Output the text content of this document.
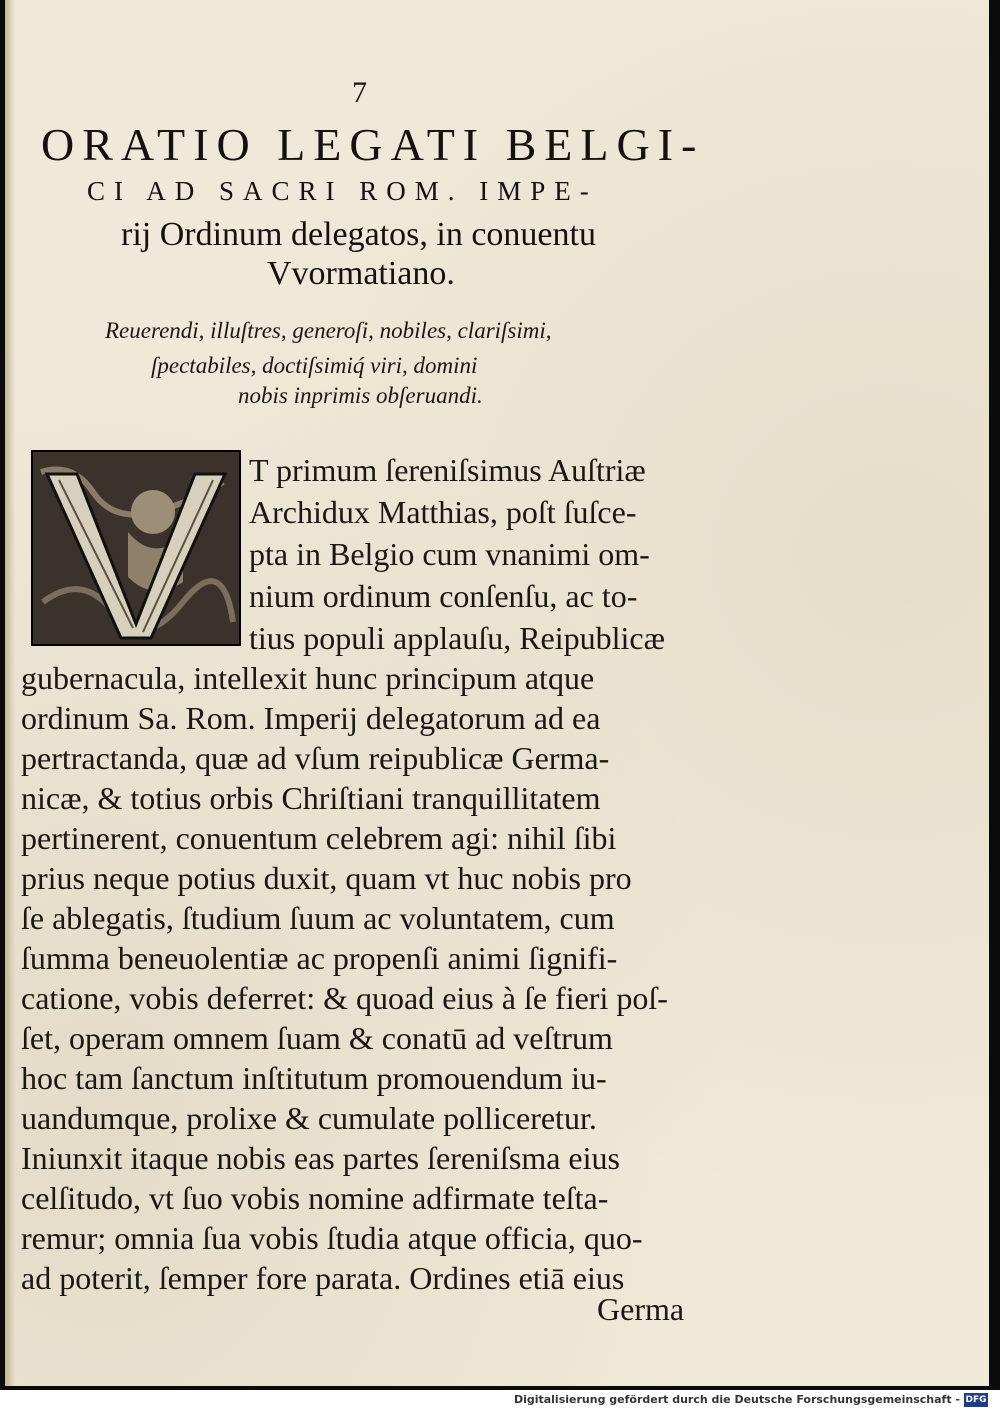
7
ORATIO LEGATI BELGI-
CI AD SACRI ROM. IMPE-
rij Ordinum delegatos, in conuentu
Vvormatiano.
Reuerendi, illuſtres, generoſi, nobiles, clariſsimi,
ſpectabiles, doctiſsimiq́ viri, domini
nobis inprimis obſeruandi.
T primum ſereniſsimus Auſtriæ
Archidux Matthias, poſt ſuſce-
pta in Belgio cum vnanimi om-
nium ordinum conſenſu, ac to-
tius populi applauſu, Reipublicæ
gubernacula, intellexit hunc principum atque
ordinum Sa. Rom. Imperij delegatorum ad ea
pertractanda, quæ ad vſum reipublicæ Germa-
nicæ, & totius orbis Chriſtiani tranquillitatem
pertinerent, conuentum celebrem agi: nihil ſibi
prius neque potius duxit, quam vt huc nobis pro
ſe ablegatis, ſtudium ſuum ac voluntatem, cum
ſumma beneuolentiæ ac propenſi animi ſignifi-
catione, vobis deferret: & quoad eius à ſe fieri poſ-
ſet, operam omnem ſuam & conatū ad veſtrum
hoc tam ſanctum inſtitutum promouendum iu-
uandumque, prolixe & cumulate polliceretur.
Iniunxit itaque nobis eas partes ſereniſsma eius
celſitudo, vt ſuo vobis nomine adfirmate teſta-
remur; omnia ſua vobis ſtudia atque officia, quo-
ad poterit, ſemper fore parata. Ordines etiā eius
Germa
Digitalisierung gefördert durch die Deutsche Forschungsgemeinschaft - DFG
